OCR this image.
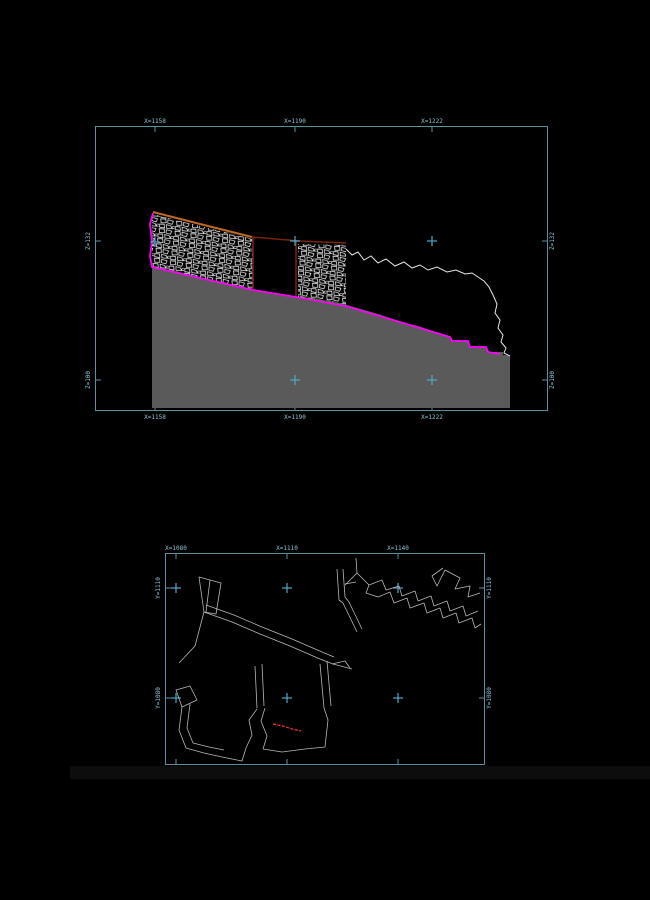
X=1158	X=1190	X=1222
X=1158	X=1190	X=1222
Z=132
Z=100
Z=132
Z=100
X=1080	X=1110	X=1140
Y=1110
Y=1080
Y=1110
Y=1080
